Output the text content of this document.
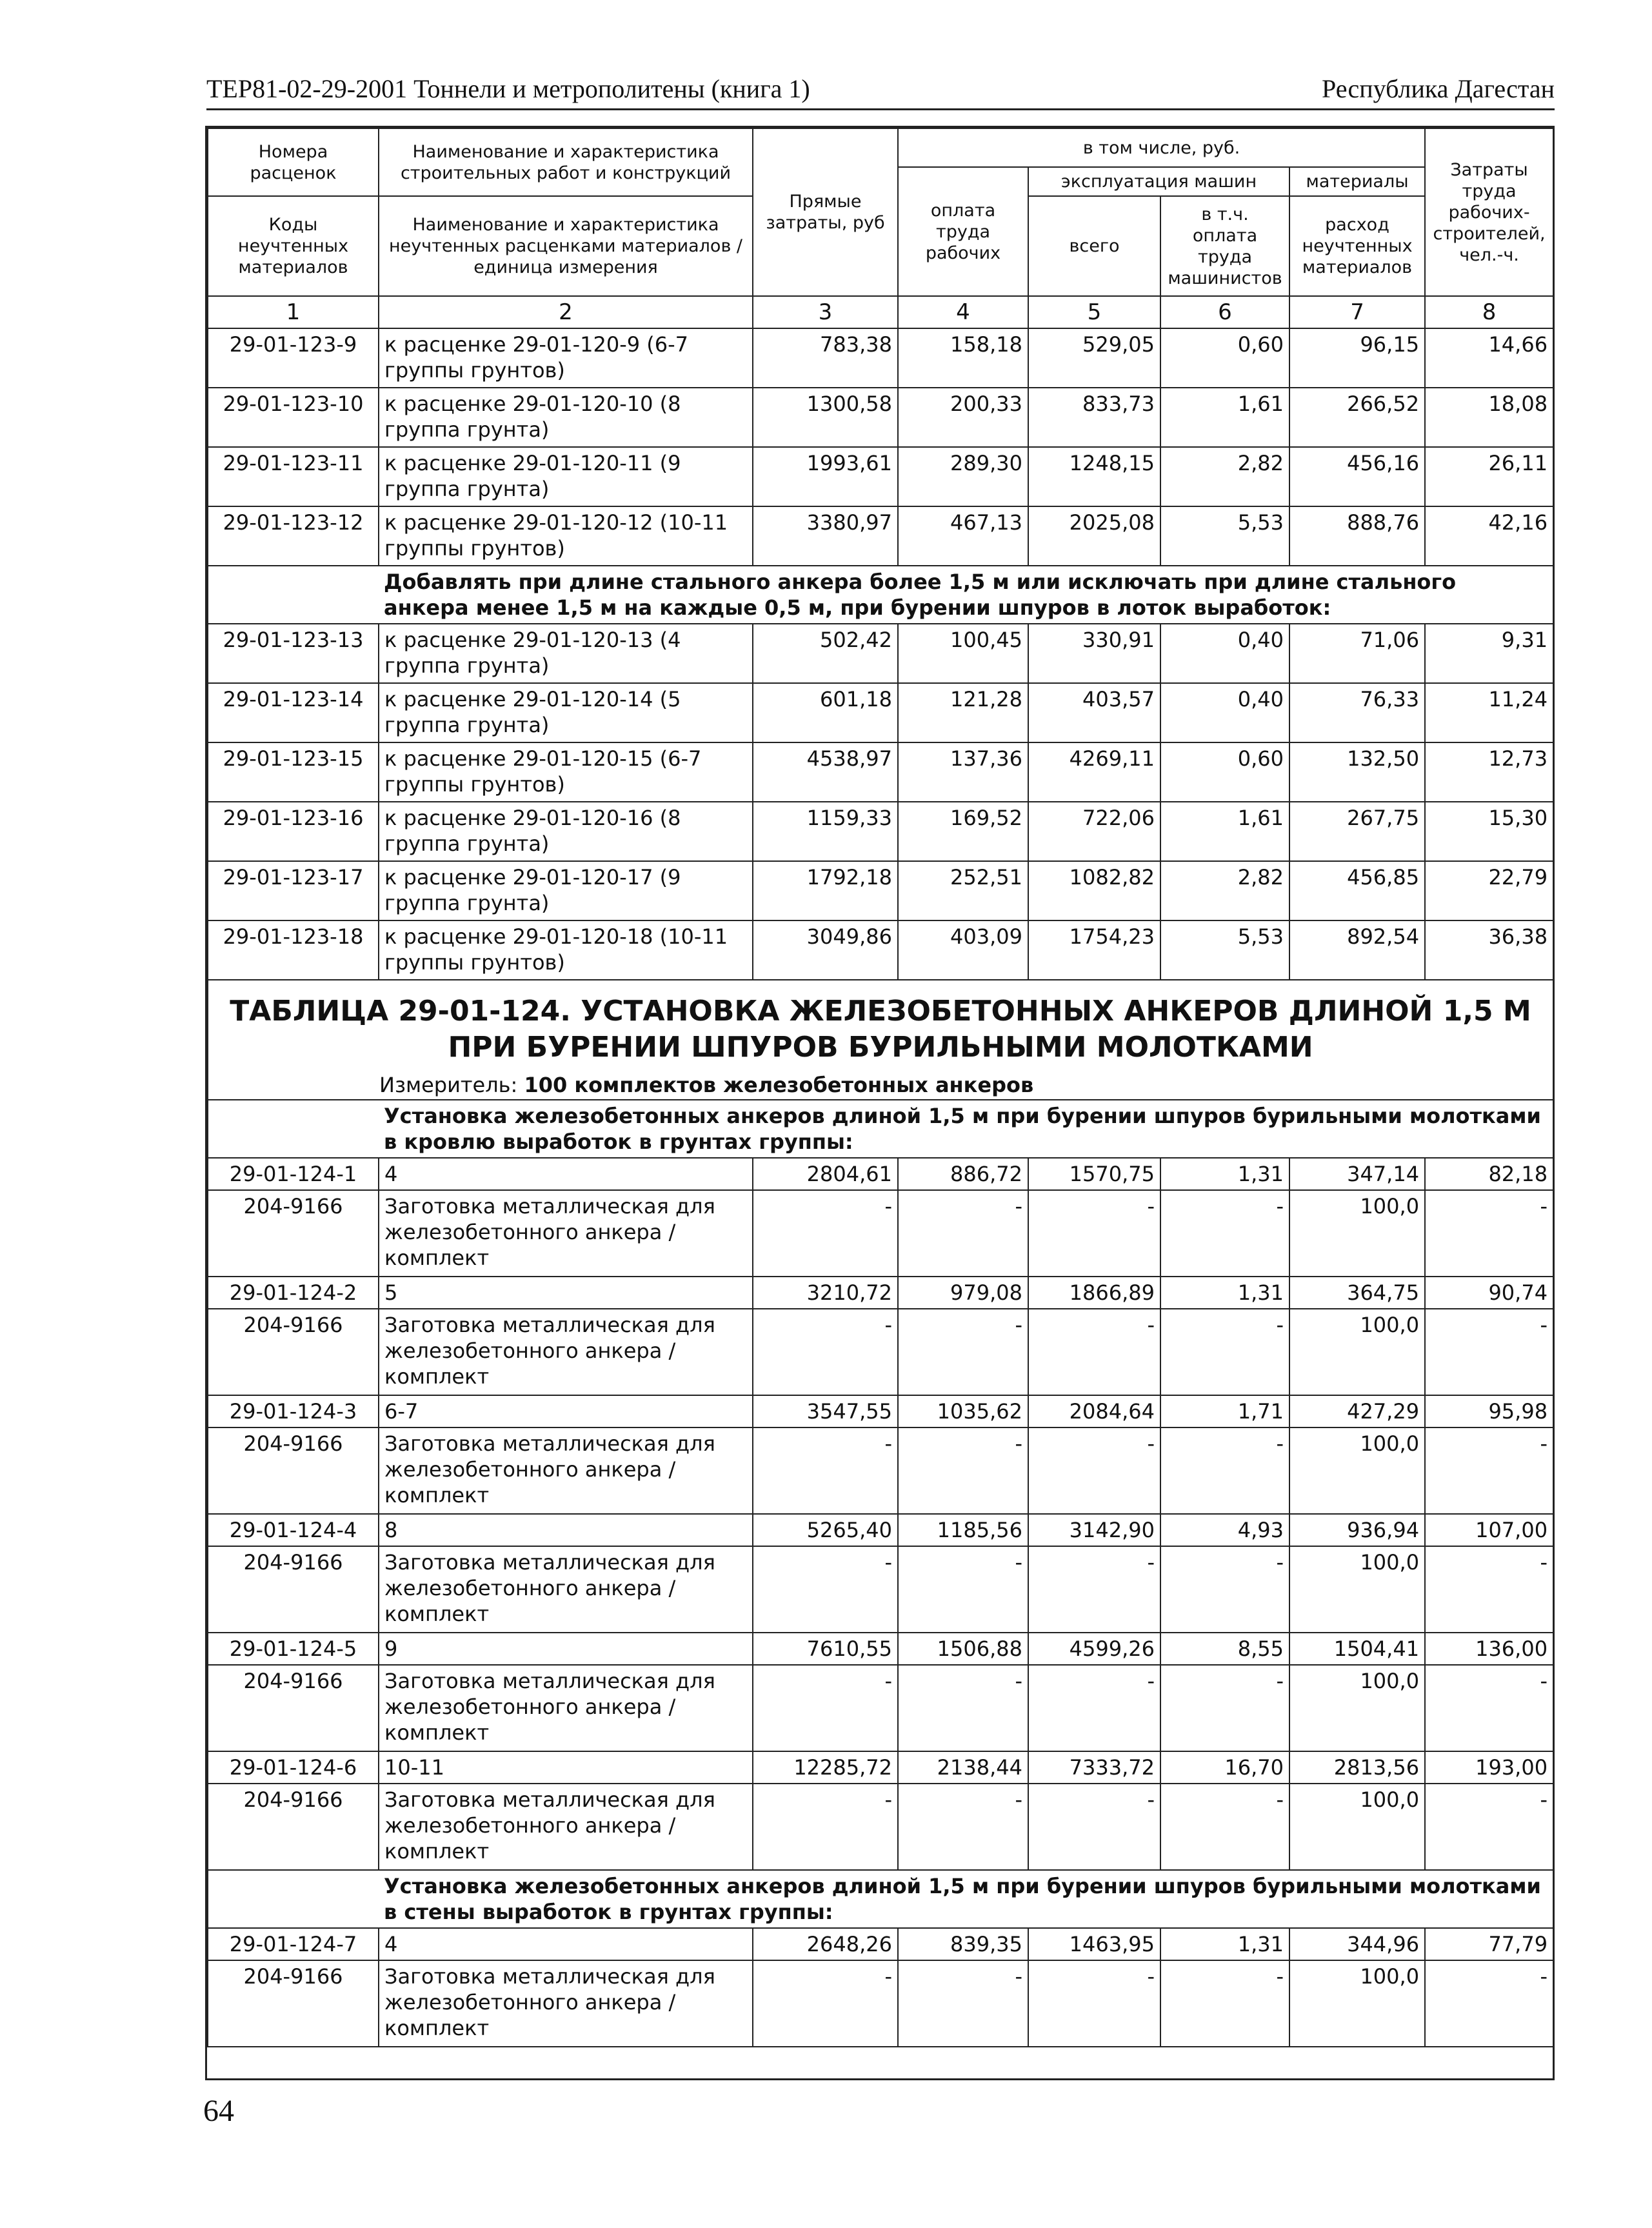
ТЕР81-02-29-2001 Тоннели и метрополитены (книга 1)	Республика Дагестан
Номера расценок	Наименование и характеристика строительных работ и конструкций	Прямые затраты, руб	в том числе, руб.				Затраты труда рабочих-строителей, чел.-ч.
			оплата труда рабочих	эксплуатация машин		материалы	
Коды неучтенных материалов	Наименование и характеристика неучтенных расценками материалов / единица измерения			всего	в т.ч. оплата труда машинистов	расход неучтенных материалов	

1	2	3	4	5	6	7	8
29-01-123-9	к расценке 29-01-120-9 (6-7 группы грунтов)	783,38	158,18	529,05	0,60	96,15	14,66
29-01-123-10	к расценке 29-01-120-10 (8 группа грунта)	1300,58	200,33	833,73	1,61	266,52	18,08
29-01-123-11	к расценке 29-01-120-11 (9 группа грунта)	1993,61	289,30	1248,15	2,82	456,16	26,11
29-01-123-12	к расценке 29-01-120-12 (10-11 группы грунтов)	3380,97	467,13	2025,08	5,53	888,76	42,16
	Добавлять при длине стального анкера более 1,5 м или исключать при длине стального анкера менее 1,5 м на каждые 0,5 м, при бурении шпуров в лоток выработок:						
29-01-123-13	к расценке 29-01-120-13 (4 группа грунта)	502,42	100,45	330,91	0,40	71,06	9,31
29-01-123-14	к расценке 29-01-120-14 (5 группа грунта)	601,18	121,28	403,57	0,40	76,33	11,24
29-01-123-15	к расценке 29-01-120-15 (6-7 группы грунтов)	4538,97	137,36	4269,11	0,60	132,50	12,73
29-01-123-16	к расценке 29-01-120-16 (8 группа грунта)	1159,33	169,52	722,06	1,61	267,75	15,30
29-01-123-17	к расценке 29-01-120-17 (9 группа грунта)	1792,18	252,51	1082,82	2,82	456,85	22,79
29-01-123-18	к расценке 29-01-120-18 (10-11 группы грунтов)	3049,86	403,09	1754,23	5,53	892,54	36,38

ТАБЛИЦА 29-01-124. УСТАНОВКА ЖЕЛЕЗОБЕТОННЫХ АНКЕРОВ ДЛИНОЙ 1,5 М ПРИ БУРЕНИИ ШПУРОВ БУРИЛЬНЫМИ МОЛОТКАМИ
Измеритель: 100 комплектов железобетонных анкеров							

	Установка железобетонных анкеров длиной 1,5 м при бурении шпуров бурильными молотками в кровлю выработок в грунтах группы:						
29-01-124-1	4	2804,61	886,72	1570,75	1,31	347,14	82,18
204-9166	Заготовка металлическая для железобетонного анкера / комплект	-	-	-	-	100,0	-
29-01-124-2	5	3210,72	979,08	1866,89	1,31	364,75	90,74
204-9166	Заготовка металлическая для железобетонного анкера / комплект	-	-	-	-	100,0	-
29-01-124-3	6-7	3547,55	1035,62	2084,64	1,71	427,29	95,98
204-9166	Заготовка металлическая для железобетонного анкера / комплект	-	-	-	-	100,0	-
29-01-124-4	8	5265,40	1185,56	3142,90	4,93	936,94	107,00
204-9166	Заготовка металлическая для железобетонного анкера / комплект	-	-	-	-	100,0	-
29-01-124-5	9	7610,55	1506,88	4599,26	8,55	1504,41	136,00
204-9166	Заготовка металлическая для железобетонного анкера / комплект	-	-	-	-	100,0	-
29-01-124-6	10-11	12285,72	2138,44	7333,72	16,70	2813,56	193,00
204-9166	Заготовка металлическая для железобетонного анкера / комплект	-	-	-	-	100,0	-
	Установка железобетонных анкеров длиной 1,5 м при бурении шпуров бурильными молотками в стены выработок в грунтах группы:						
29-01-124-7	4	2648,26	839,35	1463,95	1,31	344,96	77,79
204-9166	Заготовка металлическая для железобетонного анкера / комплект	-	-	-	-	100,0	-
64
